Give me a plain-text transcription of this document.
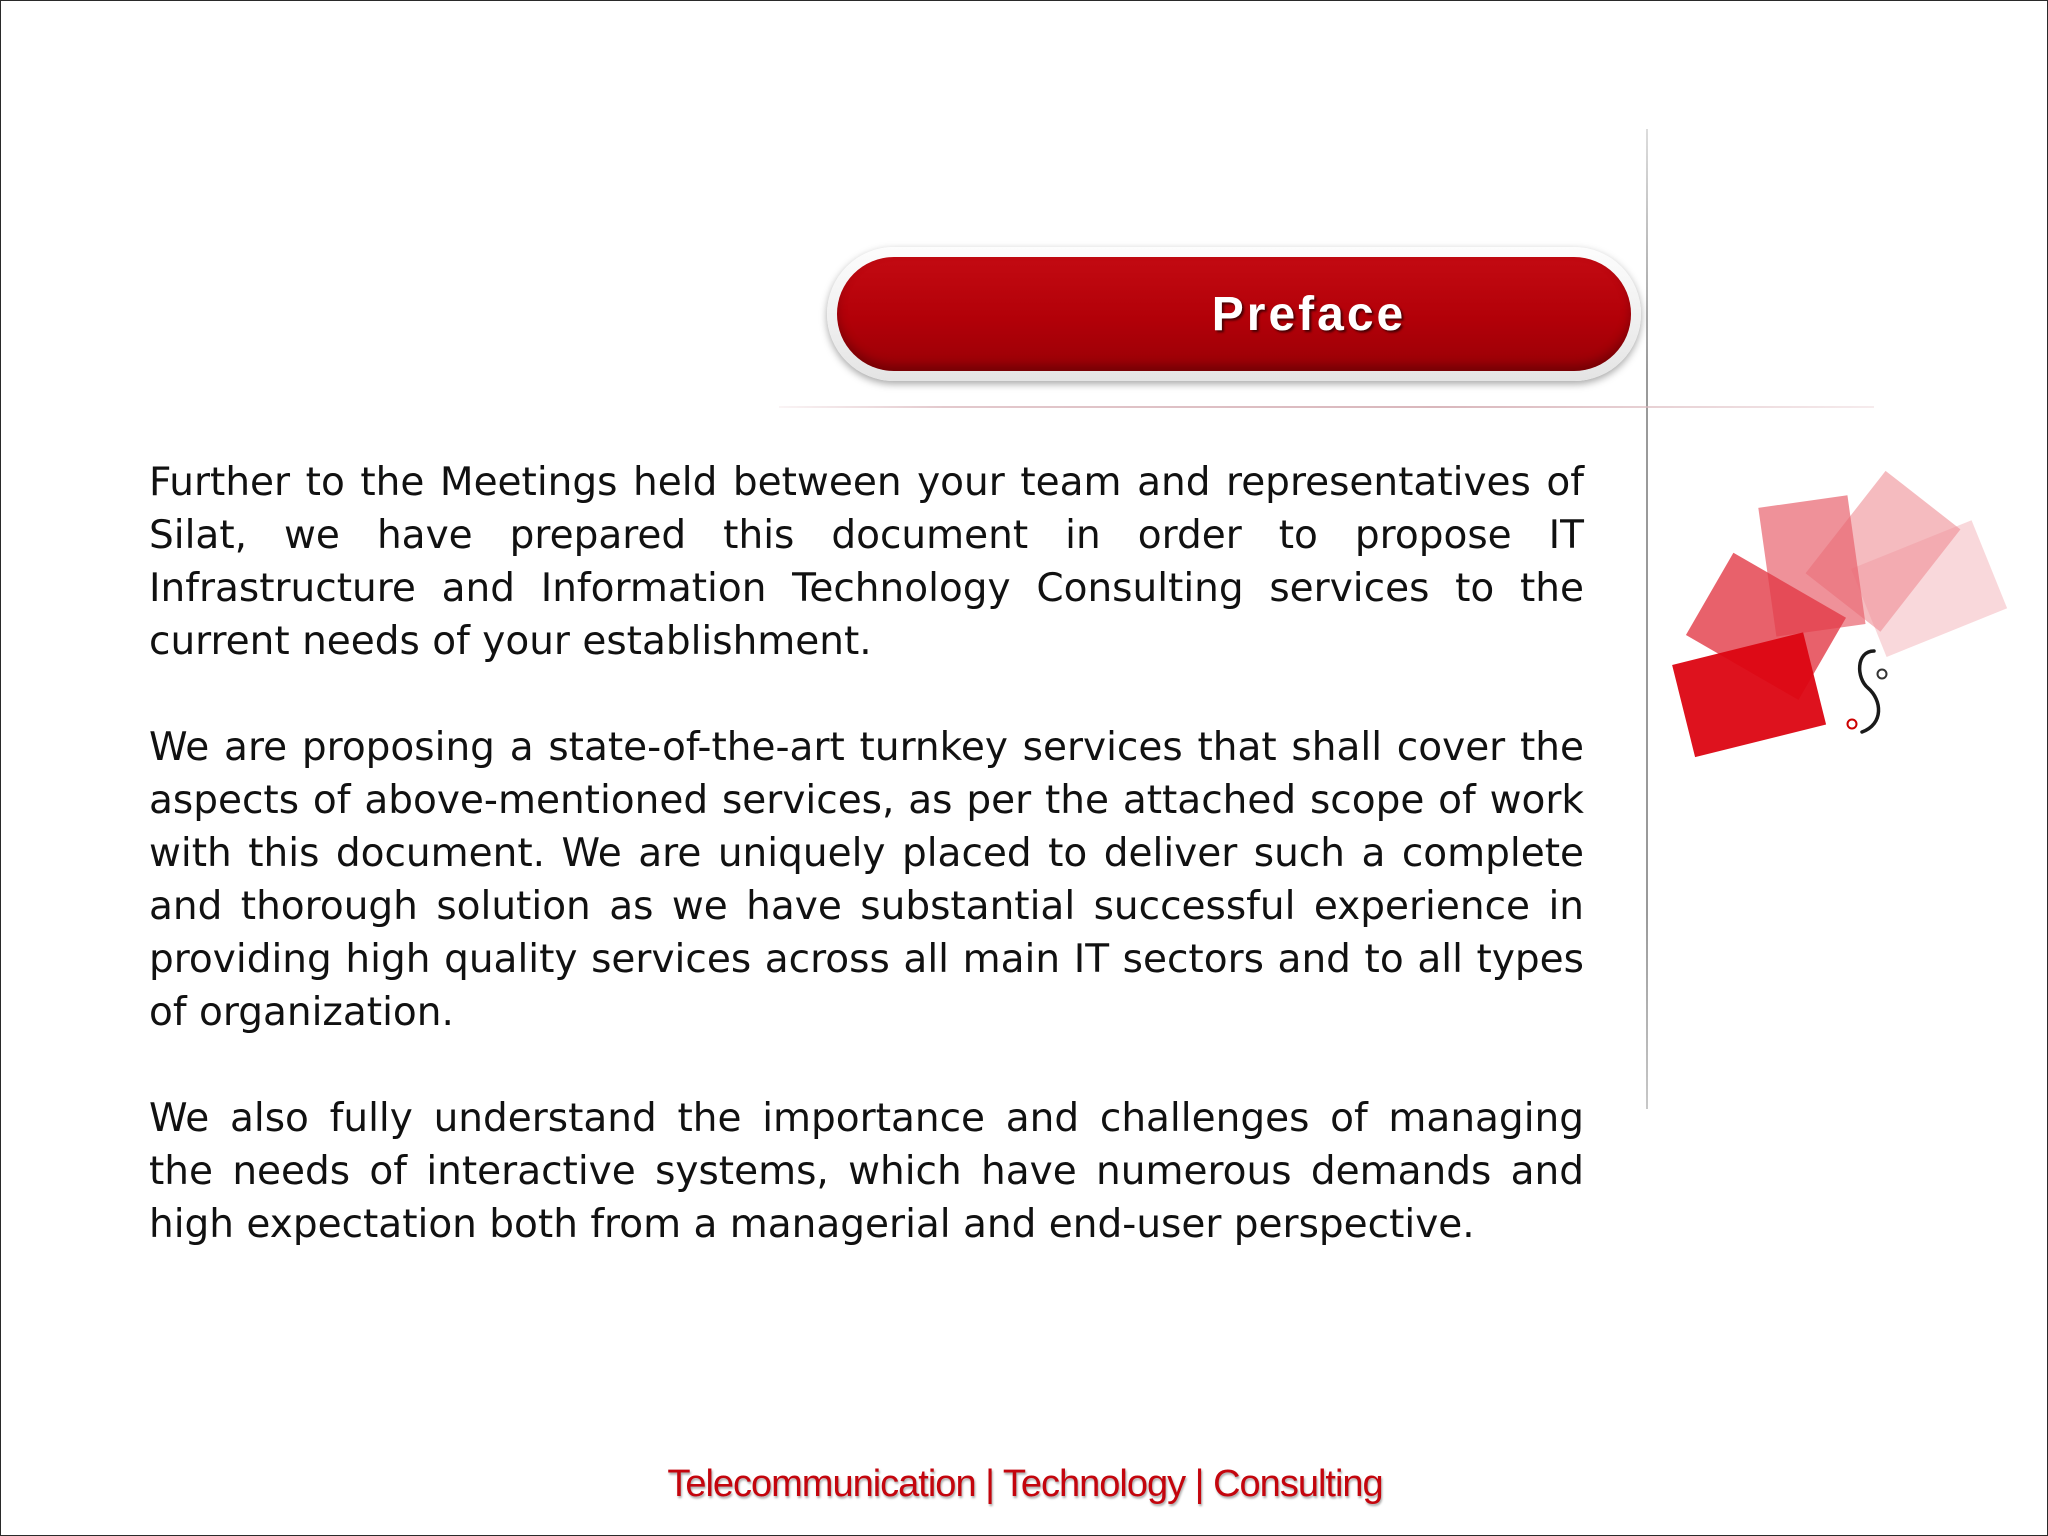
Preface

Further to the Meetings held between your team and representatives of Silat, we have prepared this document in order to propose IT Infrastructure and Information Technology Consulting services to the current needs of your establishment.

We are proposing a state-of-the-art turnkey services that shall cover the aspects of above-mentioned services, as per the attached scope of work with this document. We are uniquely placed to deliver such a complete and thorough solution as we have substantial successful experience in providing high quality services across all main IT sectors and to all types of organization.

We also fully understand the importance and challenges of managing the needs of interactive systems, which have numerous demands and high expectation both from a managerial and end-user perspective.

Telecommunication | Technology | Consulting
